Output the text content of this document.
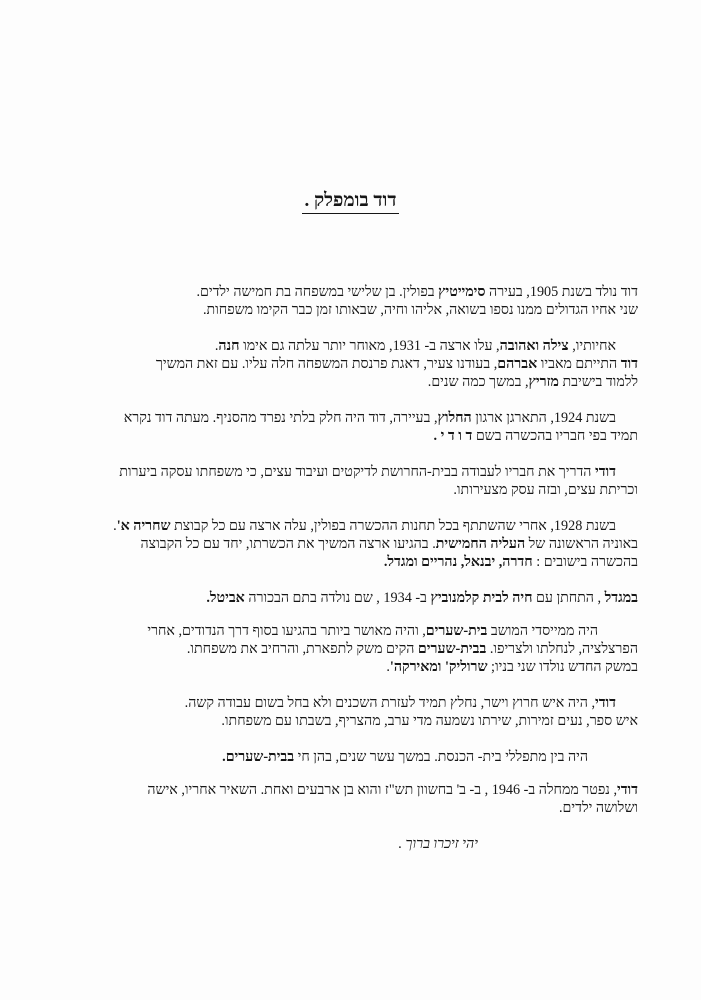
דוד בומפלק .
דוד נולד בשנת 1905, בעירה סימייטיץ בפולין. בן שלישי במשפחה בת חמישה ילדים.
שני אחיו הגדולים ממנו נספו בשואה, אליהו וחיה, שבאותו זמן כבר הקימו משפחות.
אחיותיו, צילה ואהובה, עלו ארצה ב- 1931, מאוחר יותר עלתה גם אימו חנה.
דוד התייתם מאביו אברהם, בעודנו צעיר, דאגת פרנסת המשפחה חלה עליו. עם זאת המשיך
ללמוד בישיבת מזריץ, במשך כמה שנים.
בשנת 1924, התארגן ארגון החלוץ, בעיירה, דוד היה חלק בלתי נפרד מהסניף. מעתה דוד נקרא
תמיד בפי חבריו בהכשרה בשם ד ו ד י .
דודי הדריך את חבריו לעבודה בבית-החרושת לדיקטים ועיבוד עצים, כי משפחתו עסקה ביערות
וכריתת עצים, ובזה עסק מצעירותו.
בשנת 1928, אחרי שהשתתף בכל תחנות ההכשרה בפולין, עלה ארצה עם כל קבוצת שחריה א'.
באוניה הראשונה של העליה החמישית. בהגיעו ארצה המשיך את הכשרתו, יחד עם כל הקבוצה
בהכשרה בישובים : חדרה, יבנאל, נהריים ומגדל.
במגדל , התחתן עם חיה לבית קלמנוביץ ב- 1934 , שם נולדה בתם הבכורה אביטל.
היה ממייסדי המושב בית-שערים, והיה מאושר ביותר בהגיעו בסוף דרך הנדודים, אחרי
הפרצלציה, לנחלתו ולצריפו. בבית-שערים הקים משק לתפארת, והרחיב את משפחתו.
במשק החדש נולדו שני בניו; שרוליק' ומאירקה'.
דודי, היה איש חרוץ וישר, נחלץ תמיד לעזרת השכנים ולא בחל בשום עבודה קשה.
איש ספר, נעים זמירות, שירתו נשמעה מדי ערב, מהצריף, בשבתו עם משפחתו.
היה בין מתפללי בית- הכנסת. במשך עשר שנים, בהן חי בבית-שערים.
דודי, נפטר ממחלה ב- 1946 , ב- ב' בחשוון תש"ז והוא בן ארבעים ואחת. השאיר אחריו, אישה
ושלושה ילדים.
יהי זיכרו ברוך .
